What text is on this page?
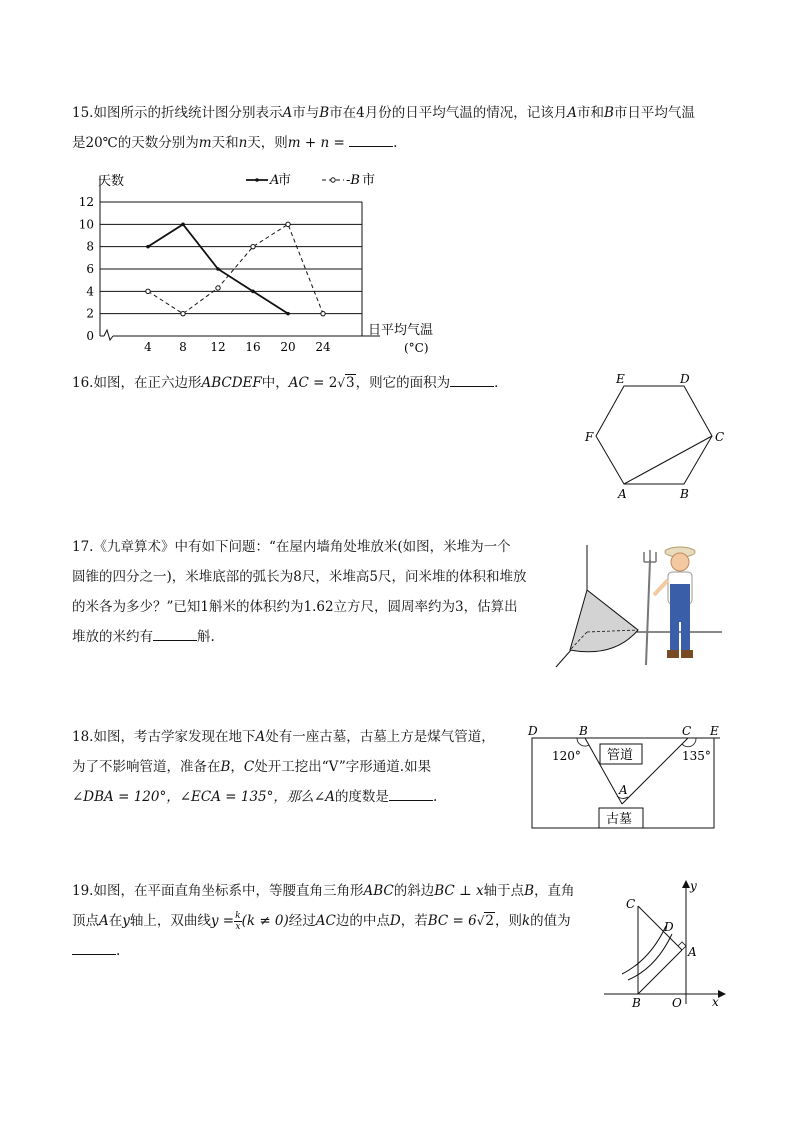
15.如图所示的折线统计图分别表示A市与B市在4月份的日平均气温的情况，记该月A市和B市日平均气温
是20℃的天数分别为m天和n天，则m + n =	.
12
10
8
6
4
2
0
4 8 12 16 20 24
天数
日平均气温
(°C)
A
市	-B 市
16.如图，在正六边形ABCDEF中，AC = 2√3，则它的面积为	．	E	D
F	C
A	B
17.《九章算术》中有如下问题：“在屋内墙角处堆放米(如图，米堆为一个
圆锥的四分之一)，米堆底部的弧长为8尺，米堆高5尺，问米堆的体积和堆放
的米各为多少？”已知1斛米的体积约为1.62立方尺，圆周率约为3，估算出
堆放的米约有	斛.
18.如图，考古学家发现在地下A处有一座古墓，古墓上方是煤气管道，
为了不影响管道，准备在B，C处开工挖出“V”字形通道.如果
∠DBA = 120°，∠ECA = 135°，那么∠A的度数是	.
管道
古墓
D	B	C E
A
120°	135°
19.如图，在平面直角坐标系中，等腰直角三角形ABC的斜边BC ⊥ x轴于点B，直角
顶点A在y轴上，双曲线$y = \frac{k}{x} (k \ne 0)$经过AC边的中点D，若BC = 6√2，则k的值为
.
C
D
A
B	O	x
y
